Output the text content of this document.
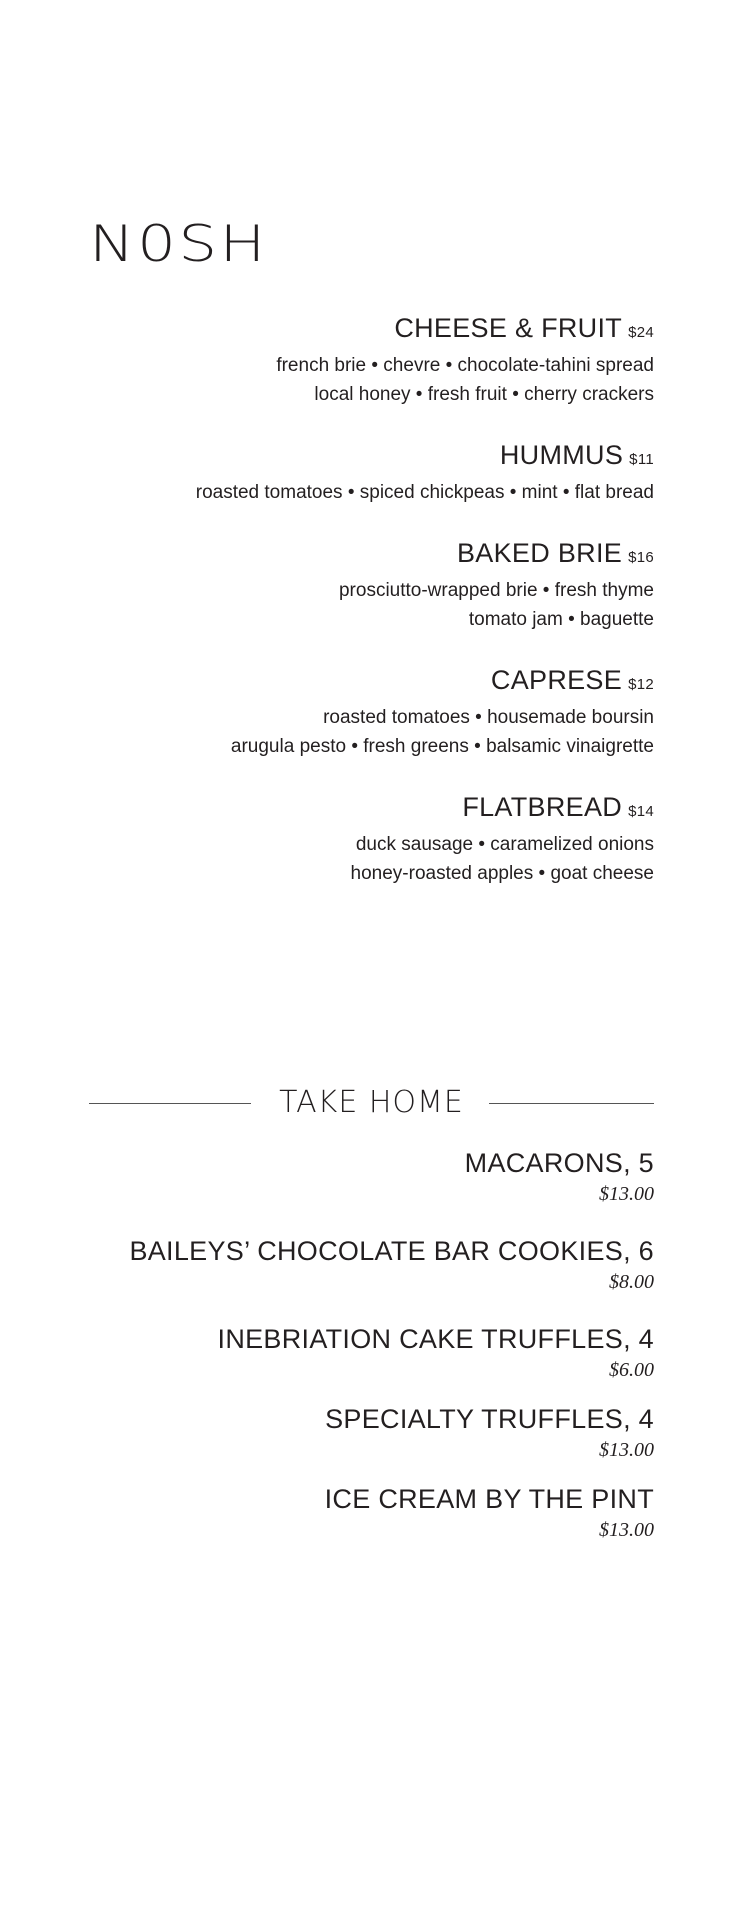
N0SH
CHEESE & FRUIT $24
french brie • chevre • chocolate-tahini spread
local honey • fresh fruit • cherry crackers
HUMMUS $11
roasted tomatoes • spiced chickpeas • mint • flat bread
BAKED BRIE $16
prosciutto-wrapped brie • fresh thyme
tomato jam • baguette
CAPRESE $12
roasted tomatoes • housemade boursin
arugula pesto • fresh greens • balsamic vinaigrette
FLATBREAD $14
duck sausage • caramelized onions
honey-roasted apples • goat cheese
TAKE HOME
MACARONS, 5
$13.00
BAILEYS’ CHOCOLATE BAR COOKIES, 6
$8.00
INEBRIATION CAKE TRUFFLES, 4
$6.00
SPECIALTY TRUFFLES, 4
$13.00
ICE CREAM BY THE PINT
$13.00
